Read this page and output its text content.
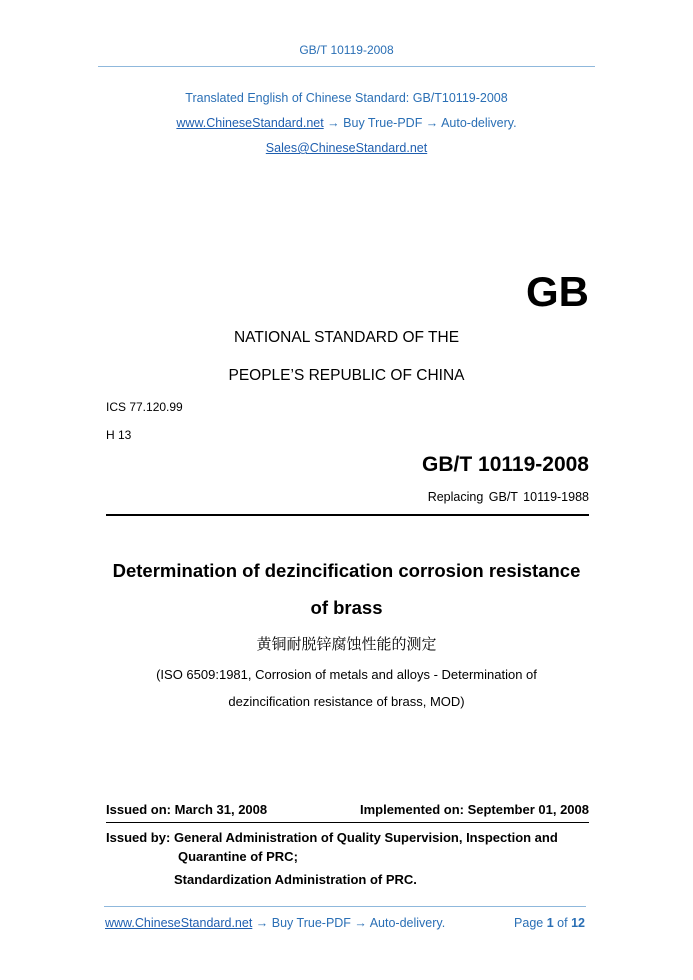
GB/T 10119-2008
Translated English of Chinese Standard: GB/T10119-2008
www.ChineseStandard.net → Buy True-PDF → Auto-delivery.
Sales@ChineseStandard.net
GB
NATIONAL STANDARD OF THE
PEOPLE’S REPUBLIC OF CHINA
ICS 77.120.99
H 13
GB/T 10119-2008
Replacing GB/T 10119-1988
Determination of dezincification corrosion resistance
of brass
黄铜耐脱锌腐蚀性能的测定
(ISO 6509:1981, Corrosion of metals and alloys - Determination of
dezincification resistance of brass, MOD)
Issued on: March 31, 2008	Implemented on: September 01, 2008
Issued by: General Administration of Quality Supervision, Inspection and
Quarantine of PRC;
Standardization Administration of PRC.
www.ChineseStandard.net → Buy True-PDF → Auto-delivery.	Page 1 of 12
